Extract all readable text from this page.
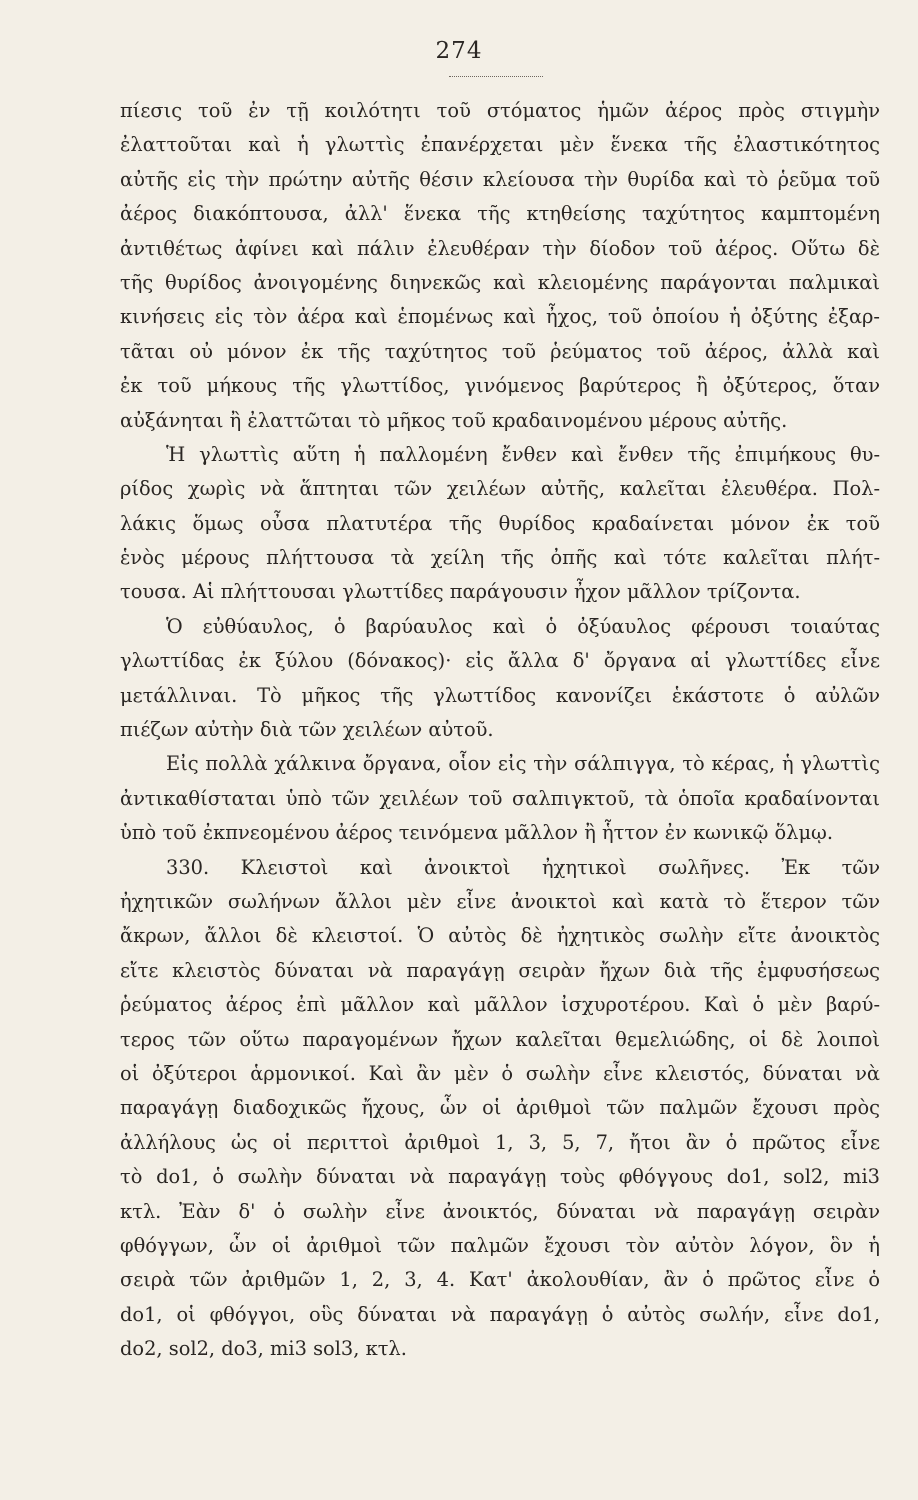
274
πίεσις τοῦ ἐν τῇ κοιλότητι τοῦ στόματος ἡμῶν ἀέρος πρὸς στιγμὴν
ἐλαττοῦται καὶ ἡ γλωττὶς ἐπανέρχεται μὲν ἕνεκα τῆς ἐλαστικότητος
αὐτῆς εἰς τὴν πρώτην αὐτῆς θέσιν κλείουσα τὴν θυρίδα καὶ τὸ ῥεῦμα τοῦ
ἀέρος διακόπτουσα, ἀλλ' ἕνεκα τῆς κτηθείσης ταχύτητος καμπτομένη
ἀντιθέτως ἀφίνει καὶ πάλιν ἐλευθέραν τὴν δίοδον τοῦ ἀέρος. Οὕτω δὲ
τῆς θυρίδος ἀνοιγομένης διηνεκῶς καὶ κλειομένης παράγονται παλμικαὶ
κινήσεις εἰς τὸν ἀέρα καὶ ἑπομένως καὶ ἦχος, τοῦ ὁποίου ἡ ὀξύτης ἐξαρ-
τᾶται οὐ μόνον ἐκ τῆς ταχύτητος τοῦ ῥεύματος τοῦ ἀέρος, ἀλλὰ καὶ
ἐκ τοῦ μήκους τῆς γλωττίδος, γινόμενος βαρύτερος ἢ ὀξύτερος, ὅταν
αὐξάνηται ἢ ἐλαττῶται τὸ μῆκος τοῦ κραδαινομένου μέρους αὐτῆς.
Ἡ γλωττὶς αὕτη ἡ παλλομένη ἔνθεν καὶ ἔνθεν τῆς ἐπιμήκους θυ-
ρίδος χωρὶς νὰ ἅπτηται τῶν χειλέων αὐτῆς, καλεῖται ἐλευθέρα. Πολ-
λάκις ὅμως οὖσα πλατυτέρα τῆς θυρίδος κραδαίνεται μόνον ἐκ τοῦ
ἑνὸς μέρους πλήττουσα τὰ χείλη τῆς ὀπῆς καὶ τότε καλεῖται πλήτ-
τουσα. Αἱ πλήττουσαι γλωττίδες παράγουσιν ἦχον μᾶλλον τρίζοντα.
Ὁ εὐθύαυλος, ὁ βαρύαυλος καὶ ὁ ὀξύαυλος φέρουσι τοιαύτας
γλωττίδας ἐκ ξύλου (δόνακος)· εἰς ἄλλα δ' ὄργανα αἱ γλωττίδες εἶνε
μετάλλιναι. Τὸ μῆκος τῆς γλωττίδος κανονίζει ἑκάστοτε ὁ αὐλῶν
πιέζων αὐτὴν διὰ τῶν χειλέων αὐτοῦ.
Εἰς πολλὰ χάλκινα ὄργανα, οἷον εἰς τὴν σάλπιγγα, τὸ κέρας, ἡ γλωττὶς
ἀντικαθίσταται ὑπὸ τῶν χειλέων τοῦ σαλπιγκτοῦ, τὰ ὁποῖα κραδαίνονται
ὑπὸ τοῦ ἐκπνεομένου ἀέρος τεινόμενα μᾶλλον ἢ ἧττον ἐν κωνικῷ ὅλμῳ.
330. Κλειστοὶ καὶ ἀνοικτοὶ ἠχητικοὶ σωλῆνες. Ἐκ τῶν
ἠχητικῶν σωλήνων ἄλλοι μὲν εἶνε ἀνοικτοὶ καὶ κατὰ τὸ ἕτερον τῶν
ἄκρων, ἄλλοι δὲ κλειστοί. Ὁ αὐτὸς δὲ ἠχητικὸς σωλὴν εἴτε ἀνοικτὸς
εἴτε κλειστὸς δύναται νὰ παραγάγῃ σειρὰν ἤχων διὰ τῆς ἐμφυσήσεως
ῥεύματος ἀέρος ἐπὶ μᾶλλον καὶ μᾶλλον ἰσχυροτέρου. Καὶ ὁ μὲν βαρύ-
τερος τῶν οὕτω παραγομένων ἤχων καλεῖται θεμελιώδης, οἱ δὲ λοιποὶ
οἱ ὀξύτεροι ἁρμονικοί. Καὶ ἂν μὲν ὁ σωλὴν εἶνε κλειστός, δύναται νὰ
παραγάγῃ διαδοχικῶς ἤχους, ὧν οἱ ἀριθμοὶ τῶν παλμῶν ἔχουσι πρὸς
ἀλλήλους ὡς οἱ περιττοὶ ἀριθμοὶ 1, 3, 5, 7, ἤτοι ἂν ὁ πρῶτος εἶνε
τὸ do1, ὁ σωλὴν δύναται νὰ παραγάγῃ τοὺς φθόγγους do1, sol2, mi3
κτλ. Ἐὰν δ' ὁ σωλὴν εἶνε ἀνοικτός, δύναται νὰ παραγάγῃ σειρὰν
φθόγγων, ὧν οἱ ἀριθμοὶ τῶν παλμῶν ἔχουσι τὸν αὐτὸν λόγον, ὃν ἡ
σειρὰ τῶν ἀριθμῶν 1, 2, 3, 4. Κατ' ἀκολουθίαν, ἂν ὁ πρῶτος εἶνε ὁ
do1, οἱ φθόγγοι, οὓς δύναται νὰ παραγάγῃ ὁ αὐτὸς σωλήν, εἶνε do1,
do2, sol2, do3, mi3 sol3, κτλ.
